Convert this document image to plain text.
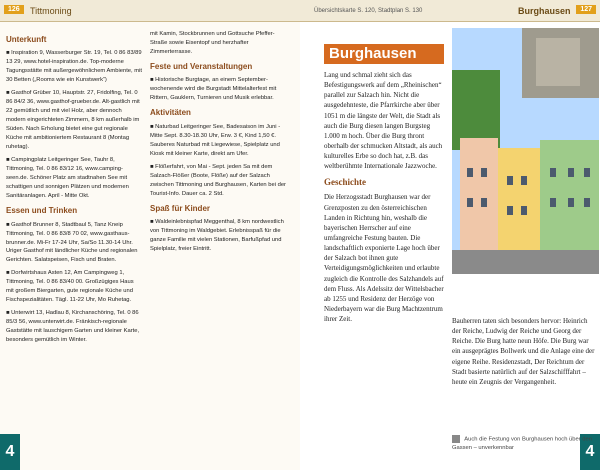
126	Tittmoning
Unterkunft
■ Inspiration 9, Wasserburger Str. 19, Tel. 0 86 83/89 13 29, www.hotel-inspiration.de. Top-moderne Tagungsstätte mit außergewöhnlichem Ambiente, mit 30 Betten („Rooms wie ein Kunstwerk“)
■ Gasthof Grüber 10, Hauptstr. 27, Fridolfing, Tel. 0 86 84/2 36, www.gasthof-grueber.de. Alt-gastlich mit 22 gemütlich und mit viel Holz, aber dennoch modern eingerichteten Zimmern, 8 km außerhalb im Süden. Nach Erholung bietet eine gut regionale Küche mit ambitioniertem Restaurant 8 (Montag ruhetag).
■ Campingplatz Leitgeringer See, Tauhr 8, Tittmoning, Tel. 0 86 83/12 16, www.camping-seen.de. Schöner Platz am stadtnahen See mit schattigen und sonnigen Plätzen und modernen Sanitäranlagen. April - Mitte Okt.
Essen und Trinken
■ Gasthof Brunner 8, Stadtbaul 5, Tanz Kneip Tittmoning, Tel. 0 86 83/8 70 02, www.gasthaus-brunner.de. Mi-Fr 17-24 Uhr, Sa/So 11.30-14 Uhr. Uriger Gasthof mit ländlicher Küche und regionalen Gerichten. Salatspeisen, Fisch und Braten.
■ Dorfwirtshaus Asten 12, Am Campingweg 1, Tittmoning, Tel. 0 86 83/40 00. Großzügiges Haus mit großem Biergarten, gute regionale Küche und Fischspezialitäten. Tägl. 11-22 Uhr, Mo Ruhetag.
■ Unterwirt 13, Hadlau 8, Kirchanschöring, Tel. 0 86 85/3 56, www.unterwirt.de. Fränkisch-regionale Gaststätte mit lauschigem Garten und kleiner Karte, besonders gemütlich im Winter.
mit Kamin, Stockbrunnen und Gottsuche Pfeffer-Straße sowie Eisentopf und herzhafter Zimmerterrasse.
Feste und Veranstaltungen
■ Historische Burgtage, an einem September-wochenende wird die Burgstadt Mittelalterfest mit Rittern, Gauklern, Turnieren und Musik erlebbar.
Aktivitäten
■ Naturbad Leitgeringer See, Badesaison im Juni - Mitte Sept. 8.30-18.30 Uhr, Erw. 3 €, Kind 1,50 €. Sauberes Naturbad mit Liegewiese, Spielplatz und Kiosk mit kleiner Karte, direkt am Ufer.
■ Flößerfahrt, von Mai - Sept. jeden Sa mit dem Salzach-Flößer (Boote, Flöße) auf der Salzach zwischen Tittmoning und Burghausen, Karten bei der Tourist-Info. Dauer ca. 2 Std.
Spaß für Kinder
■ Waldeinlebnispfad Meggenthal, 8 km nordwestlich von Tittmoning im Waldgebiet. Erlebnisspaß für die ganze Familie mit vielen Stationen, Barfußpfad und Spielplatz, freier Eintritt.
4
Übersichtskarte S. 120, Stadtplan S. 130	Burghausen	127
4
Burghausen

Lang und schmal zieht sich das Befestigungswerk auf dem „Rheinischen“ parallel zur Salzach hin. Nicht die ausgedehnteste, die Pfarrkirche aber über 1051 m die längste der Welt, die Stadt als auch die Burg diesen langen Burgsteg 1.000 m hoch. Über die Burg thront oberhalb der schmucken Altstadt, als auch kulturelles Erbe so doch hat, z.B. das weltberühmte Internationale Jazzwoche.

Geschichte

Die Herzogsstadt Burghausen war der Grenzposten zu den österreichischen Landen in Richtung hin, weshalb die bayerischen Herrscher auf eine umfangreiche Festung bauten. Die landschaftlich exponierte Lage hoch über der Salzach bot ihnen gute Verteidigungsmöglichkeiten und erlaubte zugleich die Kontrolle des Salzhandels auf dem Fluss. Als Adelssitz der Wittelsbacher ab 1255 und Residenz der Herzöge von Niederbayern war die Burg Machtzentrum ihrer Zeit.	Bauherren taten sich besonders hervor: Heinrich der Reiche, Ludwig der Reiche und Georg der Reiche. Die Burg hatte neun Höfe. Die Burg war ein ausgeprägtes Bollwerk und die Anlage eine der eigene Reihe. Residenzstadt, Der Reichtum der Stadt basierte natürlich auf der Salzschifffahrt – heute ein Zeugnis der Vergangenheit.
Auch die Festung von Burghausen hoch über den Gassen – unverkennbar
